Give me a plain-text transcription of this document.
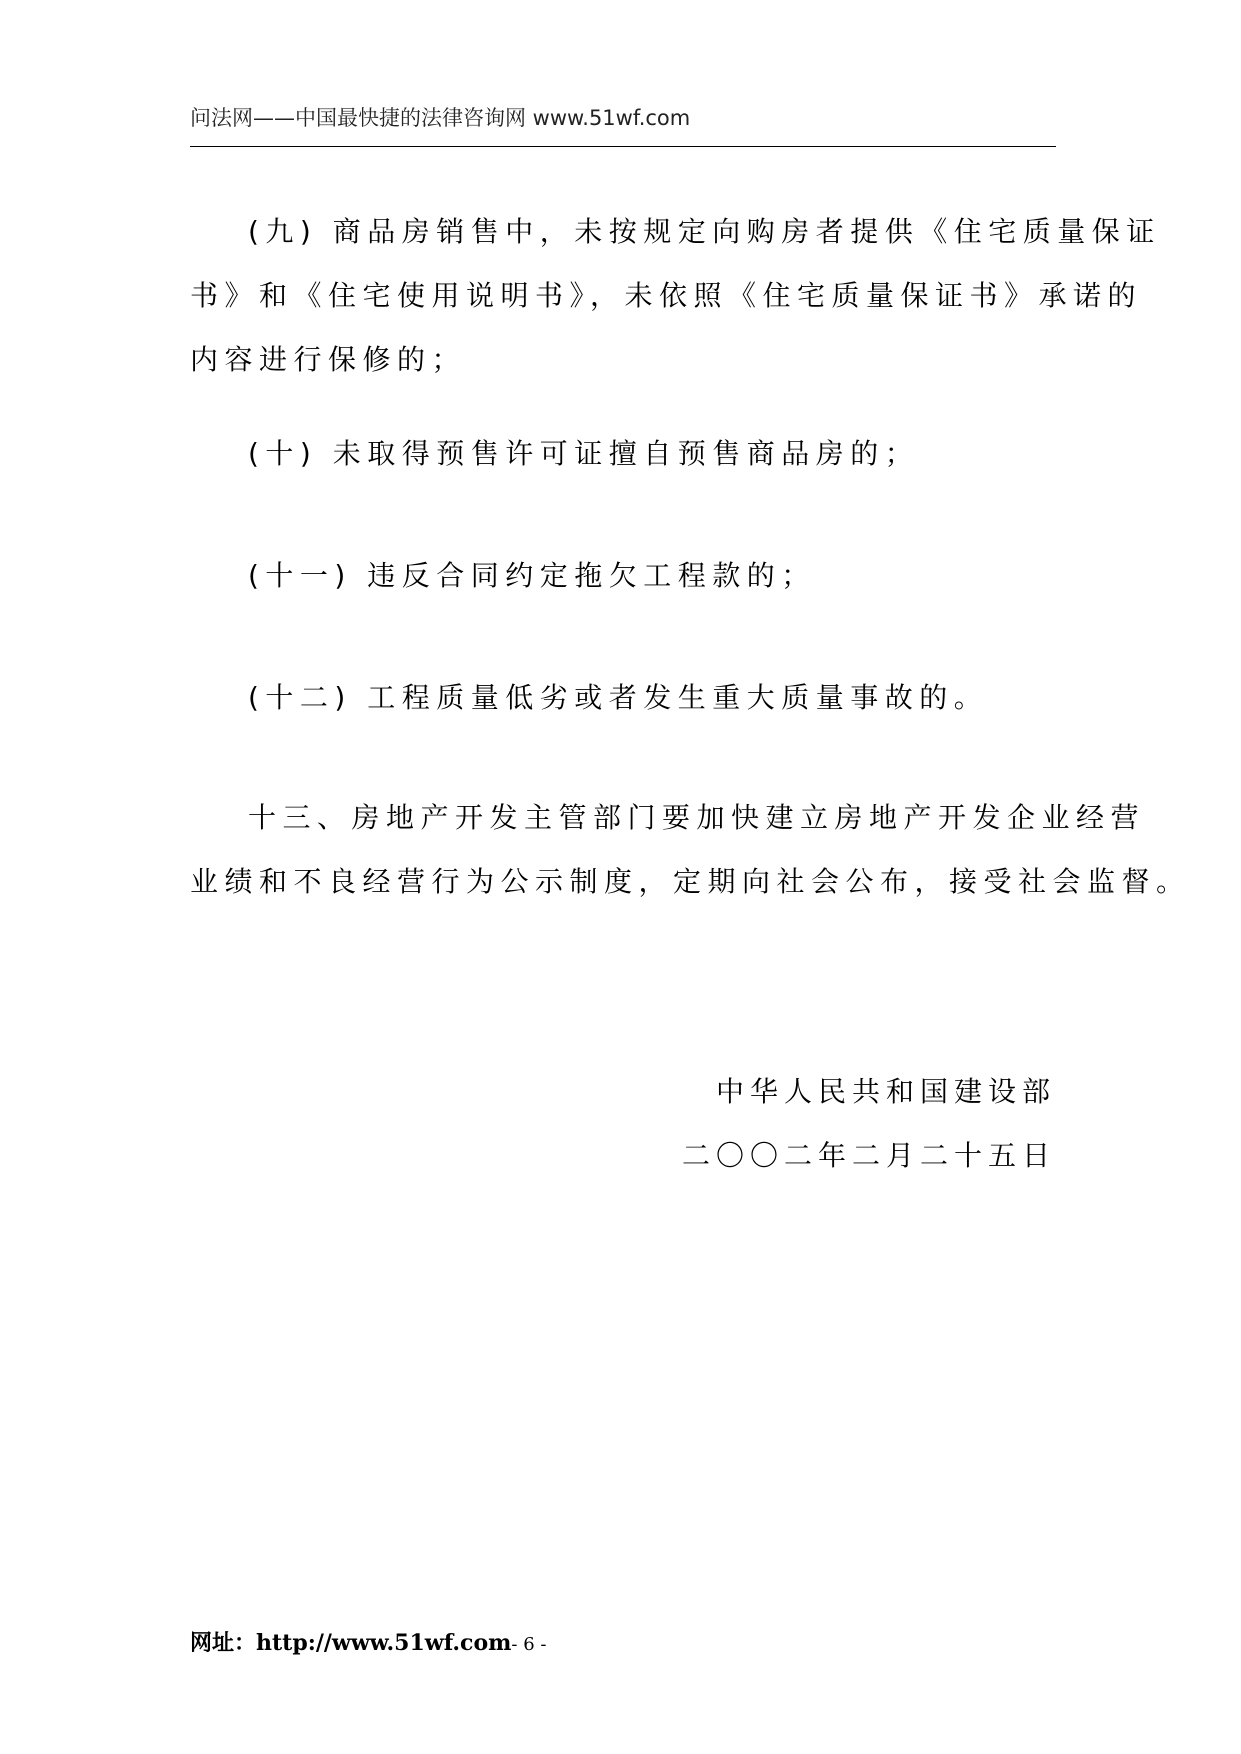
问法网——中国最快捷的法律咨询网 www.51wf.com
(九) 商品房销售中，未按规定向购房者提供《住宅质量保证
书》和《住宅使用说明书》，未依照《住宅质量保证书》承诺的
内容进行保修的；
(十) 未取得预售许可证擅自预售商品房的；
(十一) 违反合同约定拖欠工程款的；
(十二) 工程质量低劣或者发生重大质量事故的。
十三、房地产开发主管部门要加快建立房地产开发企业经营
业绩和不良经营行为公示制度，定期向社会公布，接受社会监督。
中华人民共和国建设部
二〇〇二年二月二十五日
网址：http://www.51wf.com- 6 -
